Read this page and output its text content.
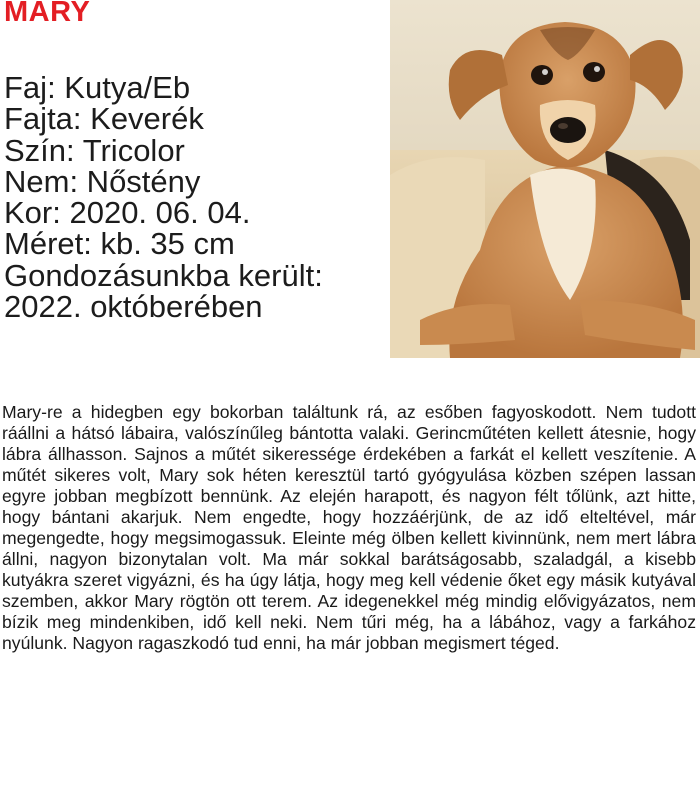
MARY
Faj: Kutya/Eb
Fajta: Keverék
Szín: Tricolor
Nem: Nőstény
Kor: 2020. 06. 04.
Méret: kb. 35 cm
Gondozásunkba került:
2022. októberében
Mary-re a hidegben egy bokorban találtunk rá, az esőben fagyoskodott. Nem tudott ráállni a hátsó lábaira, valószínűleg bántotta valaki. Gerincműtéten kellett átesnie, hogy lábra állhasson. Sajnos a műtét sikeressége érdekében a farkát el kellett veszítenie. A műtét sikeres volt, Mary sok héten keresztül tartó gyógyulása közben szépen lassan egyre jobban megbízott bennünk. Az elején harapott, és nagyon félt tőlünk, azt hitte, hogy bántani akarjuk. Nem engedte, hogy hozzáérjünk, de az idő elteltével, már megengedte, hogy megsimogassuk. Eleinte még ölben kellett kivinnünk, nem mert lábra állni, nagyon bizonytalan volt. Ma már sokkal barátságosabb, szaladgál, a kisebb kutyákra szeret vigyázni, és ha úgy látja, hogy meg kell védenie őket egy másik kutyával szemben, akkor Mary rögtön ott terem. Az idegenekkel még mindig elővigyázatos, nem bízik meg mindenkiben, idő kell neki. Nem tűri még, ha a lábához, vagy a farkához nyúlunk. Nagyon ragaszkodó tud enni, ha már jobban megismert téged.
